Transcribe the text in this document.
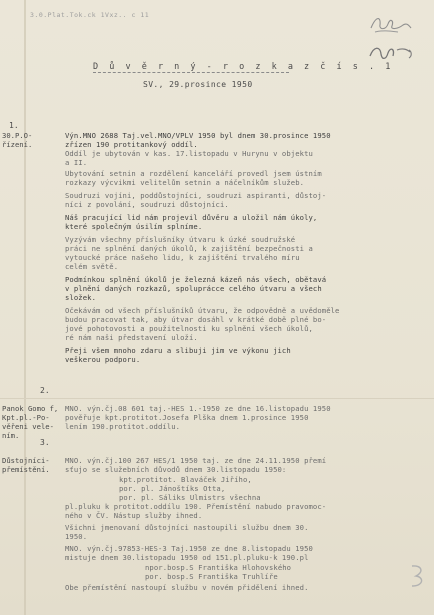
3.0.Plat.Tok.ck 1Vxz.. c 11
D ů v ě r n ý - r o z k a z č í s . 1
SV., 29.prosince 1950
1.
30.P.O-
řízení.
Výn.MNO 2688 Taj.vel.MNO/VPLV 1950 byl dnem 30.prosince 1950
zřízen 190 protitankový oddíl.
Oddíl je ubytován v kas. 17.listopadu v Hurynu v objektu
a II.
Ubytování setnin a rozdělení kanceláří provedl jsem ústním
rozkazy výcvikmi velitelům setnin a náčelníkům služeb.
Soudruzi vojíni, poddůstojníci, soudruzi aspiranti, důstoj-
níci z povolání, soudruzi důstojníci.
Náš pracující lid nám projevil důvěru a uložil nám úkoly,
které společným úsilím splníme.
Vyzývám všechny příslušníky útvaru k úzké soudružské
práci ne splnění daných úkolů, k zajištění bezpečnosti a
vytoucké práce našeho lidu, k zajištění trvalého míru
celém světě.
Podmínkou splnění úkolů je železná kázeň nás všech, obětavá
v plnění daných rozkazů, spoluprácce celého útvaru a všech
složek.
Očekávám od všech příslušníků útvaru, že odpovědně a uvědoměle
budou pracovat tak, aby útvar dosáhl v krátké době plné bo-
jové pohotovosti a použitelnosti ku splnění všech úkolů,
ré nám naši představení uloží.
Přeji všem mnoho zdaru a slibuji jim ve výkonu jich
veškerou podporu.
2.
Panok Gomo f,
Kpt.pl.-Po-
věřeni vele-
ním.
MNO. výn.čj.08 601 taj.-HES 1.-1950 ze dne 16.listopadu 1950
pověřuje kpt.protitot.Josefa Plška dnem 1.prosince 1950
lením 190.protitot.oddílu.
3.
Důstojníci-
přemístění.
MNO. výn.čj.100 267 HES/1 1950 taj. ze dne 24.11.1950 přemí
sťujo se služebních důvodů dnem 30.listopadu 1950:
kpt.protitot. Blaváček Jiřího,
por. pl. Jánoštíks Otta,
por. pl. Sáliks Ulmistrs všechna
pl.pluku k protitot.oddílu 190. Přemístění nabudo pravomoc-
ného v ČV. Nástup služby ihned.
Všichni jmenovaní důstojníci nastoupili službu dnem 30.
1950.
MNO. výn.čj.97853-HES-3 Taj.1950 ze dne 8.listopadu 1950
mistuje dnem 30.listopadu 1950 od 151.pl.pluku-k 190.pl
npor.bosp.S Františka Hlohovského
por. bosp.S Františka Truhlíře
Obe přemístění nastoupí službu v novém přidělení ihned.
